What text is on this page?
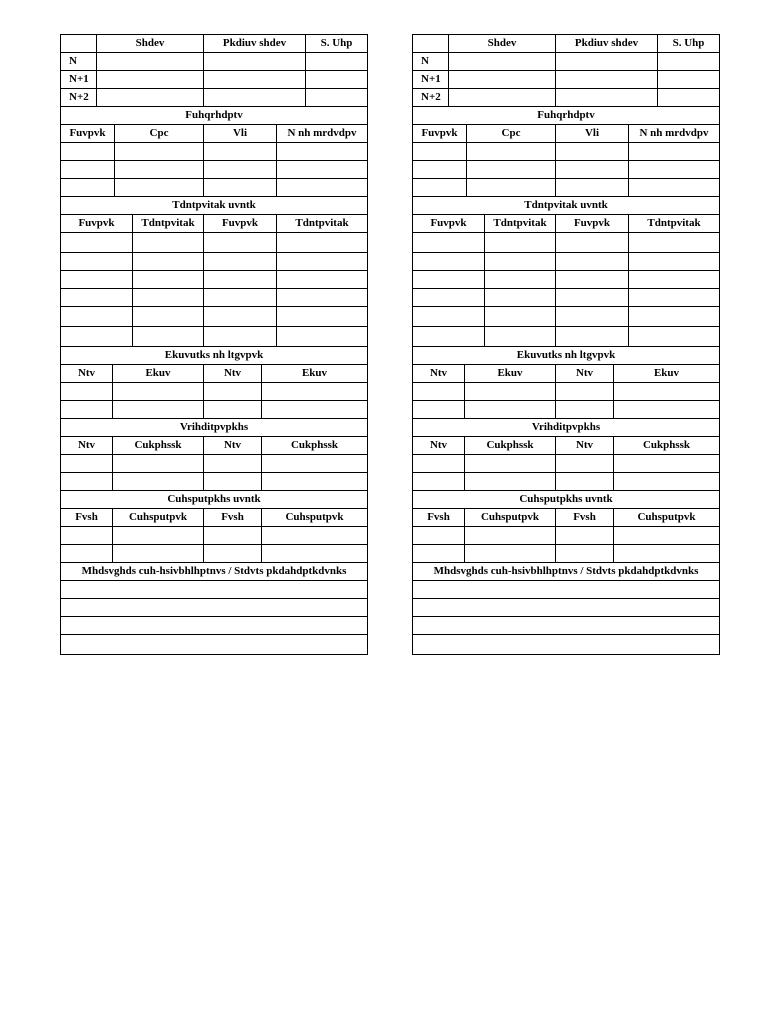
	Shdev	Pkdiuv shdev	S. Uhp
N			
N+1			
N+2			
Fuhqrhdptv			
Fuvpvk	Cpc	Vli	N nh mrdvdpv

Tdntpvitak uvntk			
Fuvpvk	Tdntpvitak	Fuvpvk	Tdntpvitak

Ekuvutks nh ltgvpvk			
Ntv	Ekuv	Ntv	Ekuv

Vrihditpvpkhs			
Ntv	Cukphssk	Ntv	Cukphssk

Cuhsputpkhs uvntk			
Fvsh	Cuhsputpvk	Fvsh	Cuhsputpvk

Mhdsvghds cuh-hsivbhlhptnvs / Stdvts pkdahdptkdvnks

	Shdev	Pkdiuv shdev	S. Uhp
N			
N+1			
N+2			
Fuhqrhdptv			
Fuvpvk	Cpc	Vli	N nh mrdvdpv

Tdntpvitak uvntk			
Fuvpvk	Tdntpvitak	Fuvpvk	Tdntpvitak

Ekuvutks nh ltgvpvk			
Ntv	Ekuv	Ntv	Ekuv

Vrihditpvpkhs			
Ntv	Cukphssk	Ntv	Cukphssk

Cuhsputpkhs uvntk			
Fvsh	Cuhsputpvk	Fvsh	Cuhsputpvk

Mhdsvghds cuh-hsivbhlhptnvs / Stdvts pkdahdptkdvnks
